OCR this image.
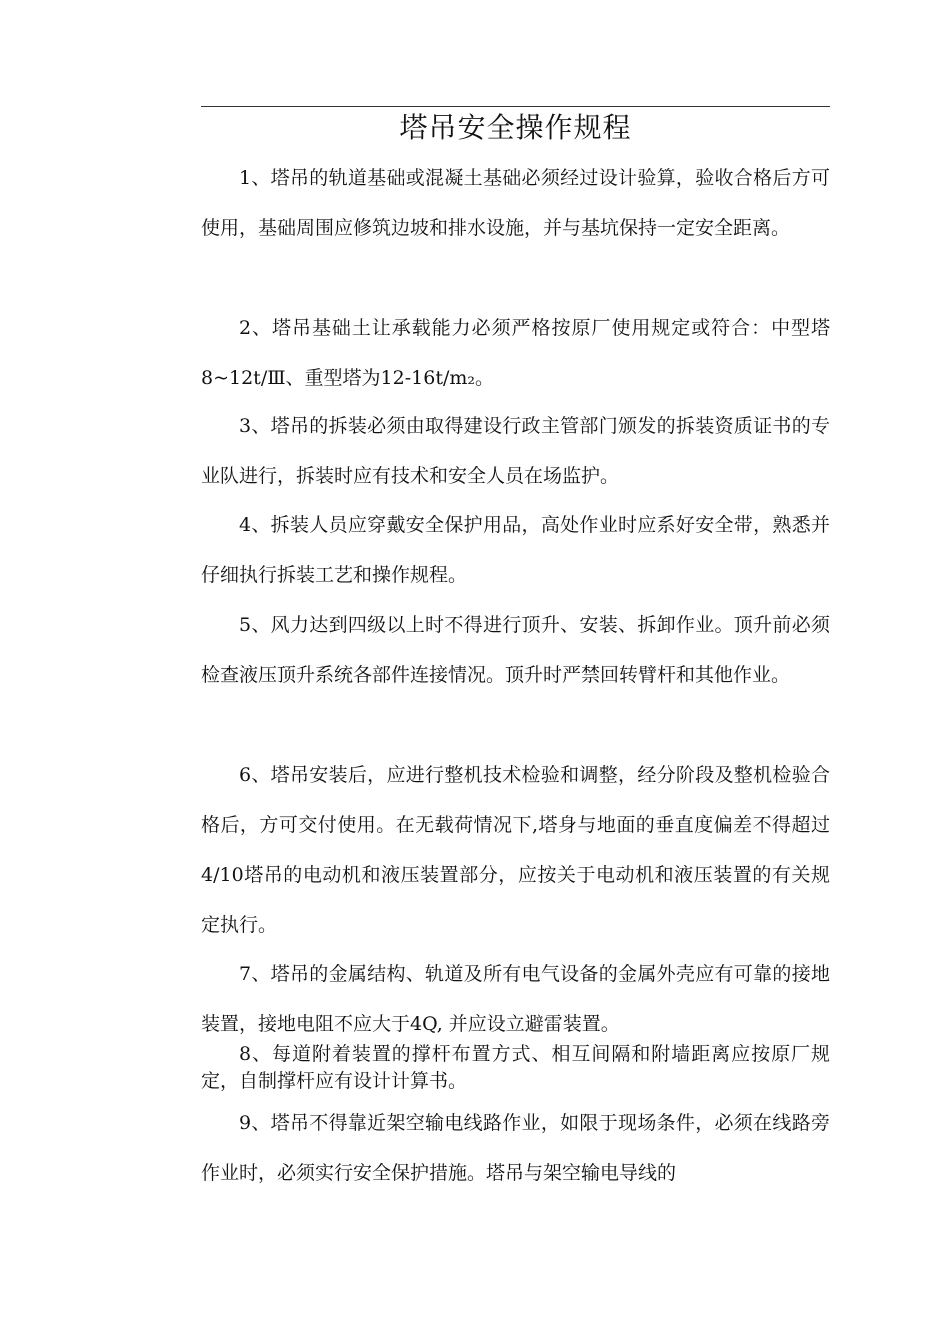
塔吊安全操作规程

1、塔吊的轨道基础或混凝土基础必须经过设计验算，验收合格后方可使用，基础周围应修筑边坡和排水设施，并与基坑保持一定安全距离。

2、塔吊基础土让承载能力必须严格按原厂使用规定或符合：中型塔8~12t/Ⅲ、重型塔为12-16t/m₂。

3、塔吊的拆装必须由取得建设行政主管部门颁发的拆装资质证书的专业队进行，拆装时应有技术和安全人员在场监护。

4、拆装人员应穿戴安全保护用品，高处作业时应系好安全带，熟悉并仔细执行拆装工艺和操作规程。

5、风力达到四级以上时不得进行顶升、安装、拆卸作业。顶升前必须检查液压顶升系统各部件连接情况。顶升时严禁回转臂杆和其他作业。

6、塔吊安装后，应进行整机技术检验和调整，经分阶段及整机检验合格后，方可交付使用。在无载荷情况下,塔身与地面的垂直度偏差不得超过4/10塔吊的电动机和液压装置部分，应按关于电动机和液压装置的有关规定执行。

7、塔吊的金属结构、轨道及所有电气设备的金属外壳应有可靠的接地装置，接地电阻不应大于4Q, 并应设立避雷装置。

8、每道附着装置的撑杆布置方式、相互间隔和附墙距离应按原厂规定，自制撑杆应有设计计算书。

9、塔吊不得靠近架空输电线路作业，如限于现场条件，必须在线路旁作业时，必须实行安全保护措施。塔吊与架空输电导线的
